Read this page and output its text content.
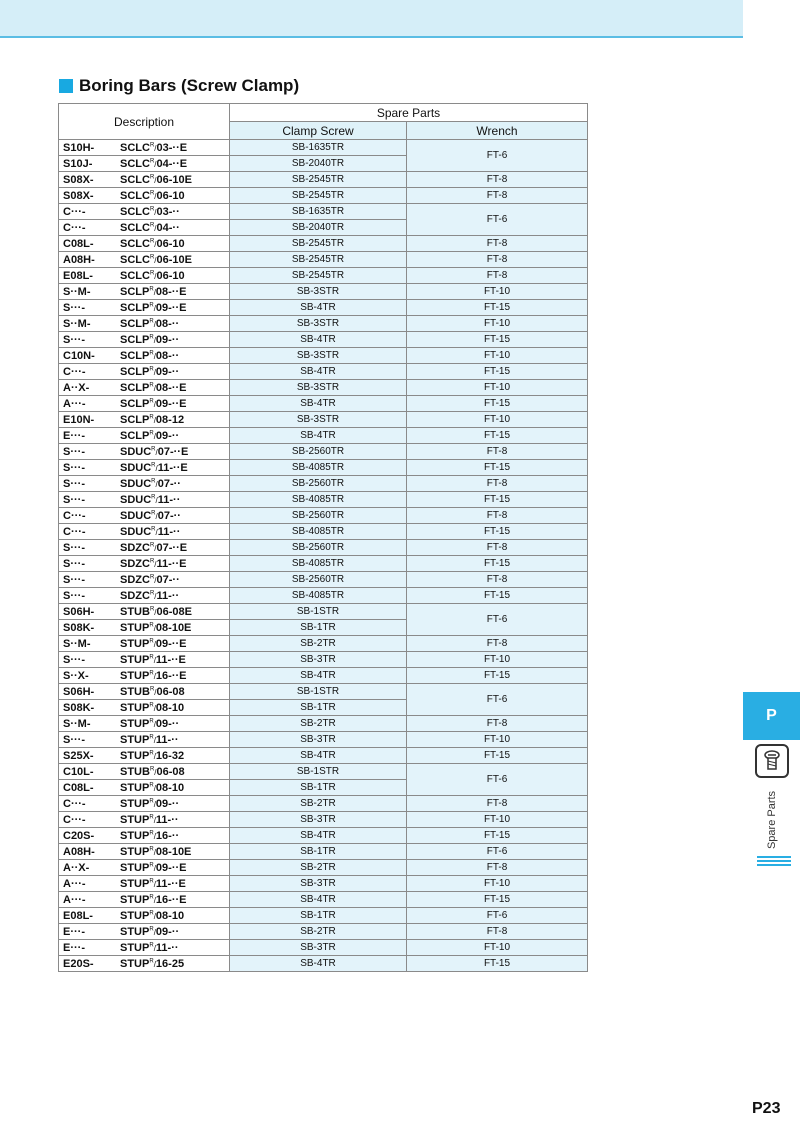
Boring Bars (Screw Clamp)
Description	Spare Parts	
	Clamp Screw	Wrench
S10H- $SCLC^R/03-\cdot\cdot E$	SB-1635TR	FT-6
S10J- $SCLC^R/04-\cdot\cdot E$	SB-2040TR	
S08X- $SCLC^R/06-10E$	SB-2545TR	FT-8
S08X- $SCLC^R/06-10$	SB-2545TR	FT-8
C···- $SCLC^R/03-\cdot\cdot$	SB-1635TR	FT-6
C···- $SCLC^R/04-\cdot\cdot$	SB-2040TR	
C08L- $SCLC^R/06-10$	SB-2545TR	FT-8
A08H- $SCLC^R/06-10E$	SB-2545TR	FT-8
E08L- $SCLC^R/06-10$	SB-2545TR	FT-8
S··M- $SCLP^R/08-\cdot\cdot E$	SB-3STR	FT-10
S···- $SCLP^R/09-\cdot\cdot E$	SB-4TR	FT-15
S··M- $SCLP^R/08-\cdot\cdot$	SB-3STR	FT-10
S···- $SCLP^R/09-\cdot\cdot$	SB-4TR	FT-15
C10N- $SCLP^R/08-\cdot\cdot$	SB-3STR	FT-10
C···- $SCLP^R/09-\cdot\cdot$	SB-4TR	FT-15
A··X- $SCLP^R/08-\cdot\cdot E$	SB-3STR	FT-10
A···- $SCLP^R/09-\cdot\cdot E$	SB-4TR	FT-15
E10N- $SCLP^R/08-12$	SB-3STR	FT-10
E···- $SCLP^R/09-\cdot\cdot$	SB-4TR	FT-15
S···- $SDUC^R/07-\cdot\cdot E$	SB-2560TR	FT-8
S···- $SDUC^R/11-\cdot\cdot E$	SB-4085TR	FT-15
S···- $SDUC^R/07-\cdot\cdot$	SB-2560TR	FT-8
S···- $SDUC^R/11-\cdot\cdot$	SB-4085TR	FT-15
C···- $SDUC^R/07-\cdot\cdot$	SB-2560TR	FT-8
C···- $SDUC^R/11-\cdot\cdot$	SB-4085TR	FT-15
S···- $SDZC^R/07-\cdot\cdot E$	SB-2560TR	FT-8
S···- $SDZC^R/11-\cdot\cdot E$	SB-4085TR	FT-15
S···- $SDZC^R/07-\cdot\cdot$	SB-2560TR	FT-8
S···- $SDZC^R/11-\cdot\cdot$	SB-4085TR	FT-15
S06H- $STUB^R/06-08E$	SB-1STR	FT-6
S08K- $STUP^R/08-10E$	SB-1TR	
S··M- $STUP^R/09-\cdot\cdot E$	SB-2TR	FT-8
S···- $STUP^R/11-\cdot\cdot E$	SB-3TR	FT-10
S··X- $STUP^R/16-\cdot\cdot E$	SB-4TR	FT-15
S06H- $STUB^R/06-08$	SB-1STR	FT-6
S08K- $STUP^R/08-10$	SB-1TR	
S··M- $STUP^R/09-\cdot\cdot$	SB-2TR	FT-8
S···- $STUP^R/11-\cdot\cdot$	SB-3TR	FT-10
S25X- $STUP^R/16-32$	SB-4TR	FT-15
C10L- $STUB^R/06-08$	SB-1STR	FT-6
C08L- $STUP^R/08-10$	SB-1TR	
C···- $STUP^R/09-\cdot\cdot$	SB-2TR	FT-8
C···- $STUP^R/11-\cdot\cdot$	SB-3TR	FT-10
C20S- $STUP^R/16-\cdot\cdot$	SB-4TR	FT-15
A08H- $STUP^R/08-10E$	SB-1TR	FT-6
A··X- $STUP^R/09-\cdot\cdot E$	SB-2TR	FT-8
A···- $STUP^R/11-\cdot\cdot E$	SB-3TR	FT-10
A···- $STUP^R/16-\cdot\cdot E$	SB-4TR	FT-15
E08L- $STUP^R/08-10$	SB-1TR	FT-6
E···- $STUP^R/09-\cdot\cdot$	SB-2TR	FT-8
E···- $STUP^R/11-\cdot\cdot$	SB-3TR	FT-10
E20S- $STUP^R/16-25$	SB-4TR	FT-15
P
Spare Parts
P23
